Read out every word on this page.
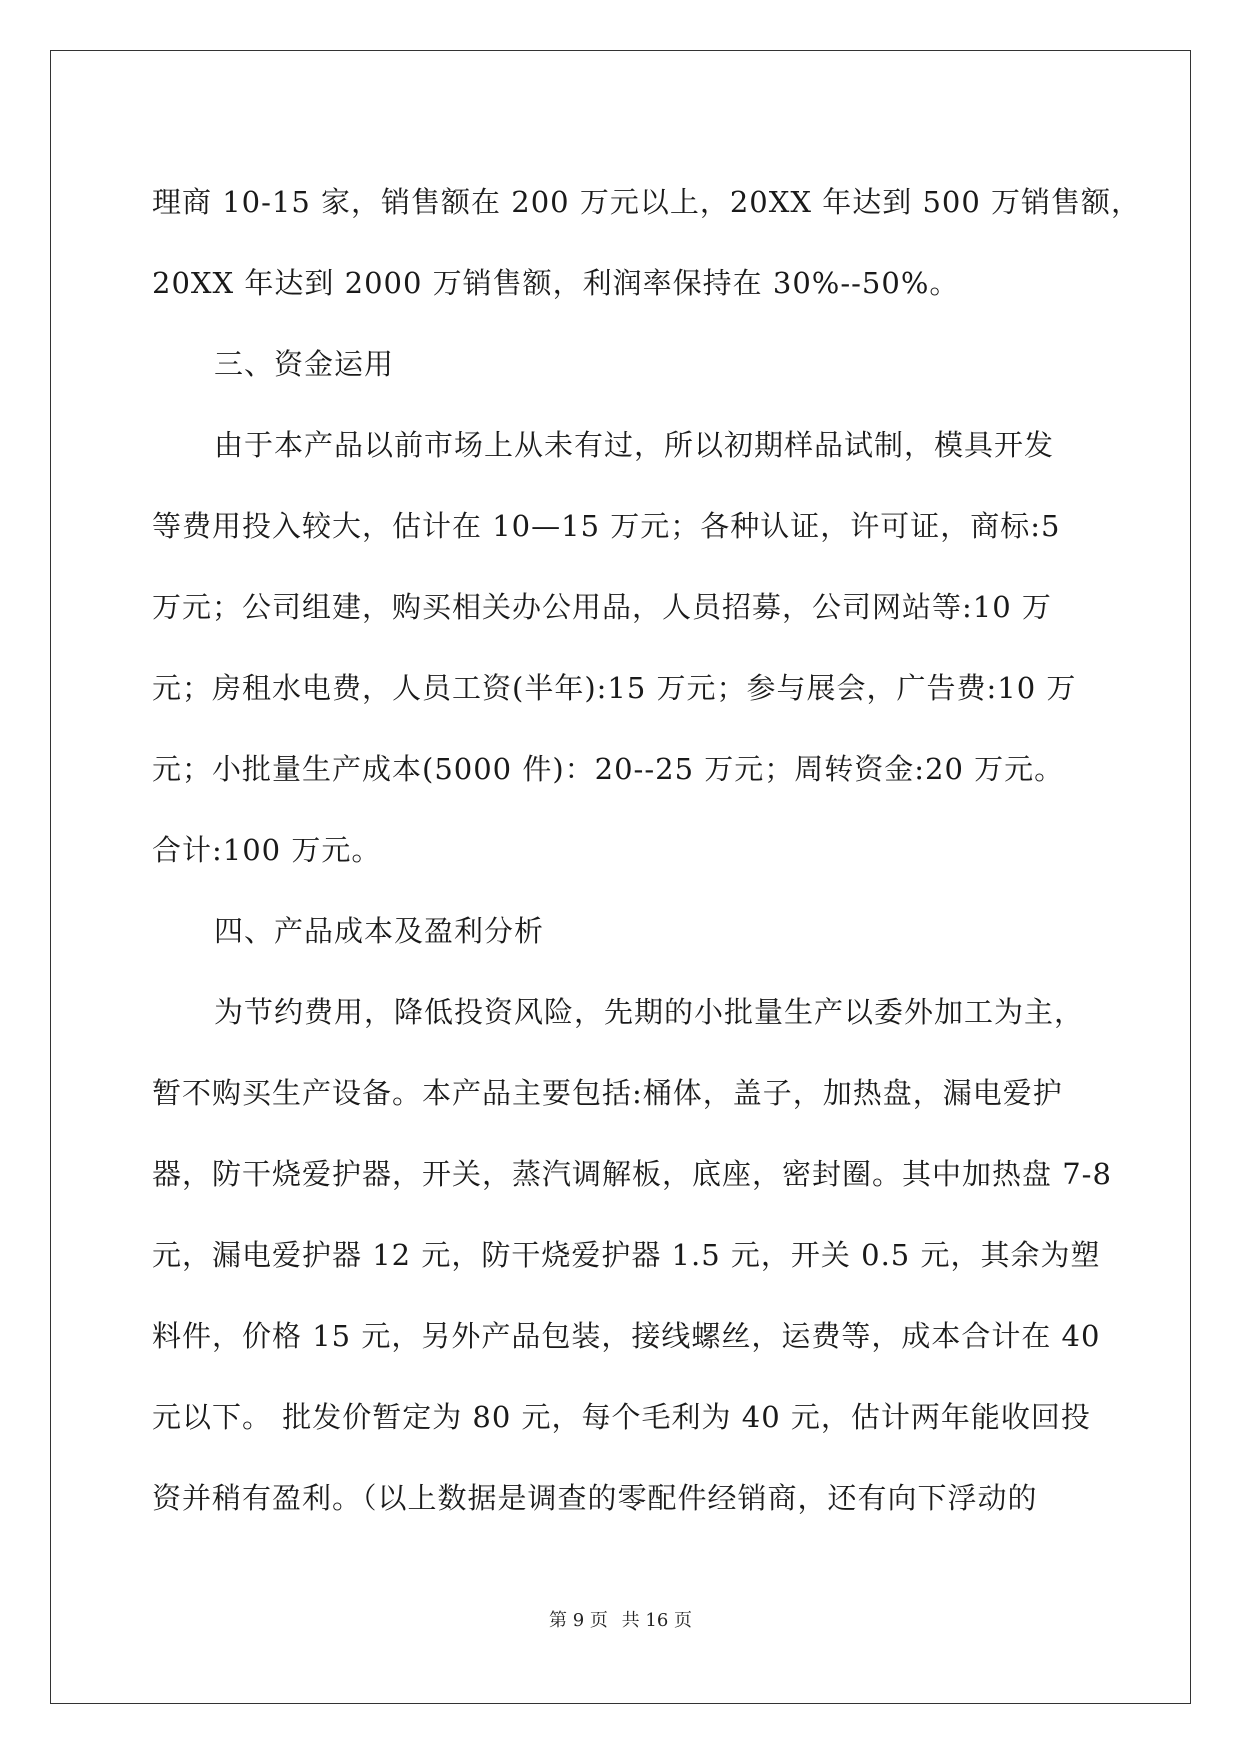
理商 10-15 家，销售额在 200 万元以上，20XX 年达到 500 万销售额，
20XX 年达到 2000 万销售额，利润率保持在 30%--50%。
三、资金运用
由于本产品以前市场上从未有过，所以初期样品试制，模具开发
等费用投入较大，估计在 10—15 万元；各种认证，许可证，商标:5
万元；公司组建，购买相关办公用品，人员招募，公司网站等:10 万
元；房租水电费，人员工资(半年):15 万元；参与展会，广告费:10 万
元；小批量生产成本(5000 件)：20--25 万元；周转资金:20 万元。
合计:100 万元。
四、产品成本及盈利分析
为节约费用，降低投资风险，先期的小批量生产以委外加工为主，
暂不购买生产设备。本产品主要包括:桶体，盖子，加热盘，漏电爱护
器，防干烧爱护器，开关，蒸汽调解板，底座，密封圈。其中加热盘 7-8
元，漏电爱护器 12 元，防干烧爱护器 1.5 元，开关 0.5 元，其余为塑
料件，价格 15 元，另外产品包装，接线螺丝，运费等，成本合计在 40
元以下。 批发价暂定为 80 元，每个毛利为 40 元，估计两年能收回投
资并稍有盈利。（以上数据是调查的零配件经销商，还有向下浮动的
第 9 页 共 16 页
